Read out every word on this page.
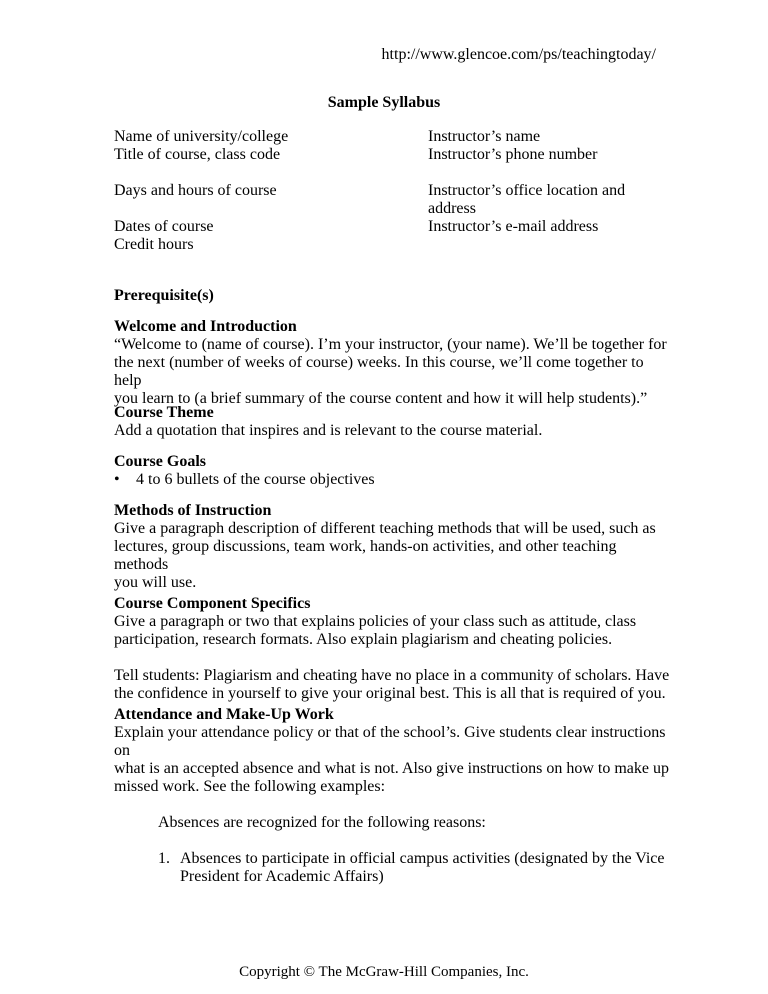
http://www.glencoe.com/ps/teachingtoday/
Sample Syllabus
Name of university/college
Title of course, class code
Days and hours of course
Dates of course
Credit hours
Instructor’s name
Instructor’s phone number
Instructor’s office location and
address
Instructor’s e-mail address
Prerequisite(s)
Welcome and Introduction
“Welcome to (name of course). I’m your instructor, (your name). We’ll be together for
the next (number of weeks of course) weeks. In this course, we’ll come together to help
you learn to (a brief summary of the course content and how it will help students).”
Course Theme
Add a quotation that inspires and is relevant to the course material.
Course Goals
•	4 to 6 bullets of the course objectives
Methods of Instruction
Give a paragraph description of different teaching methods that will be used, such as
lectures, group discussions, team work, hands-on activities, and other teaching methods
you will use.
Course Component Specifics
Give a paragraph or two that explains policies of your class such as attitude, class
participation, research formats. Also explain plagiarism and cheating policies.
Tell students: Plagiarism and cheating have no place in a community of scholars. Have
the confidence in yourself to give your original best. This is all that is required of you.
Attendance and Make-Up Work
Explain your attendance policy or that of the school’s. Give students clear instructions on
what is an accepted absence and what is not. Also give instructions on how to make up
missed work. See the following examples:
Absences are recognized for the following reasons:
1. Absences to participate in official campus activities (designated by the Vice
President for Academic Affairs)
Copyright © The McGraw-Hill Companies, Inc.
